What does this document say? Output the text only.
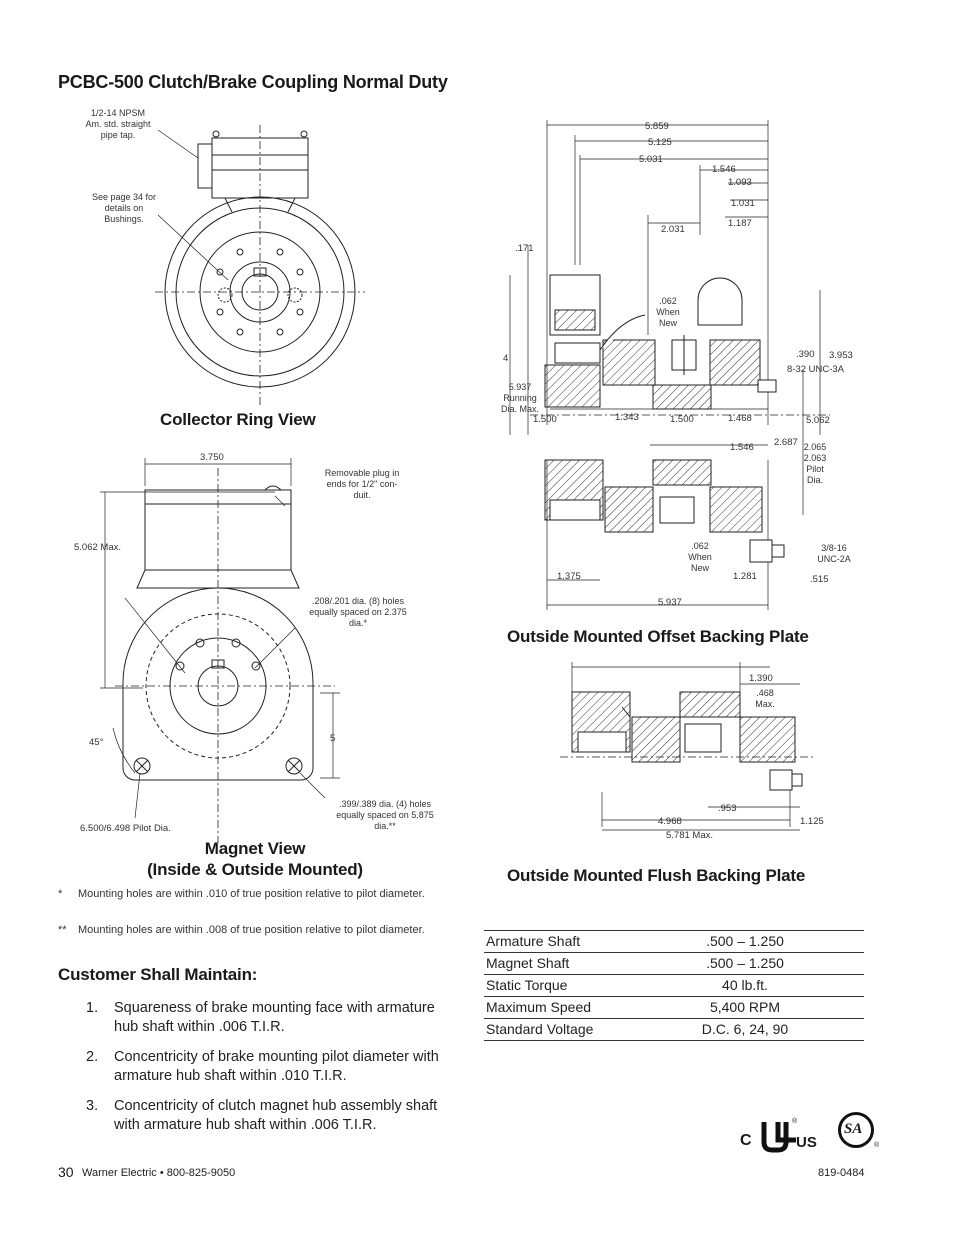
PCBC-500 Clutch/Brake Coupling Normal Duty
1/2-14 NPSM
Am. std. straight
pipe tap.
See page 34 for
details on
Bushings.
Collector Ring View
3.750
Removable plug in
ends for 1/2" con-
duit.
5.062 Max.
.208/.201 dia. (8) holes
equally spaced on 2.375
dia.*
5
45°
.399/.389 dia. (4) holes
equally spaced on 5.875
dia.**
6.500/6.498 Pilot Dia.
Magnet View
(Inside & Outside Mounted)
* Mounting holes are within .010 of true position relative to pilot diameter.
** Mounting holes are within .008 of true position relative to pilot diameter.
Customer Shall Maintain:
1. Squareness of brake mounting face with armature hub shaft within .006 T.I.R.
2. Concentricity of brake mounting pilot diameter with armature hub shaft within .010 T.I.R.
3. Concentricity of clutch magnet hub assembly shaft with armature hub shaft within .006 T.I.R.
5.859
5.125
5.031
1.546
1.093
1.031
1.187
2.031
.171
.062
When
New
4
5.937
Running
Dia. Max.
.390 3.953
8-32 UNC-3A
1.500	1.343	1.500	1.468	5.062
2.687
1.546	2.065
2.063
Pilot
Dia.
.062
When
New
3/8-16
UNC-2A
1.375	1.281	.515
5.937
Outside Mounted Offset Backing Plate
1.390
.468
Max.
.953
4.968	1.125
5.781 Max.
Outside Mounted Flush Backing Plate
Armature Shaft	.500 – 1.250	
Magnet Shaft	.500 – 1.250	
Static Torque	40 lb.ft.	
Maximum Speed	5,400 RPM	
Standard Voltage	D.C. 6, 24, 90	
C	US
®	SA
®
30 Warner Electric • 800-825-9050	819-0484
